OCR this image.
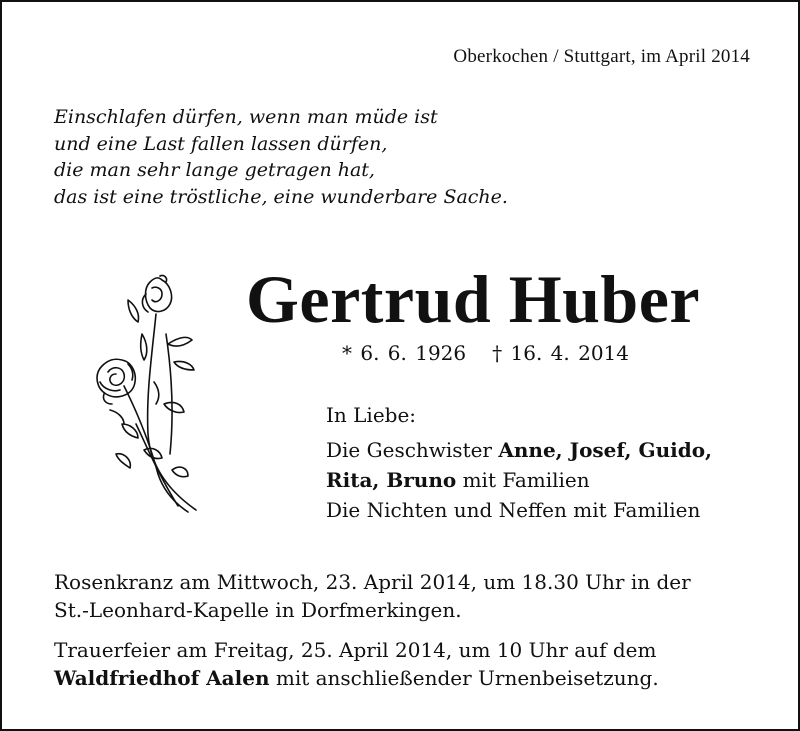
Oberkochen / Stuttgart, im April 2014
Einschlafen dürfen, wenn man müde ist
und eine Last fallen lassen dürfen,
die man sehr lange getragen hat,
das ist eine tröstliche, eine wunderbare Sache.
Gertrud Huber
* 6. 6. 1926 † 16. 4. 2014
In Liebe:
Die Geschwister Anne, Josef, Guido,
Rita, Bruno mit Familien
Die Nichten und Neffen mit Familien
Rosenkranz am Mittwoch, 23. April 2014, um 18.30 Uhr in der
St.-Leonhard-Kapelle in Dorfmerkingen.
Trauerfeier am Freitag, 25. April 2014, um 10 Uhr auf dem
Waldfriedhof Aalen mit anschließender Urnenbeisetzung.
